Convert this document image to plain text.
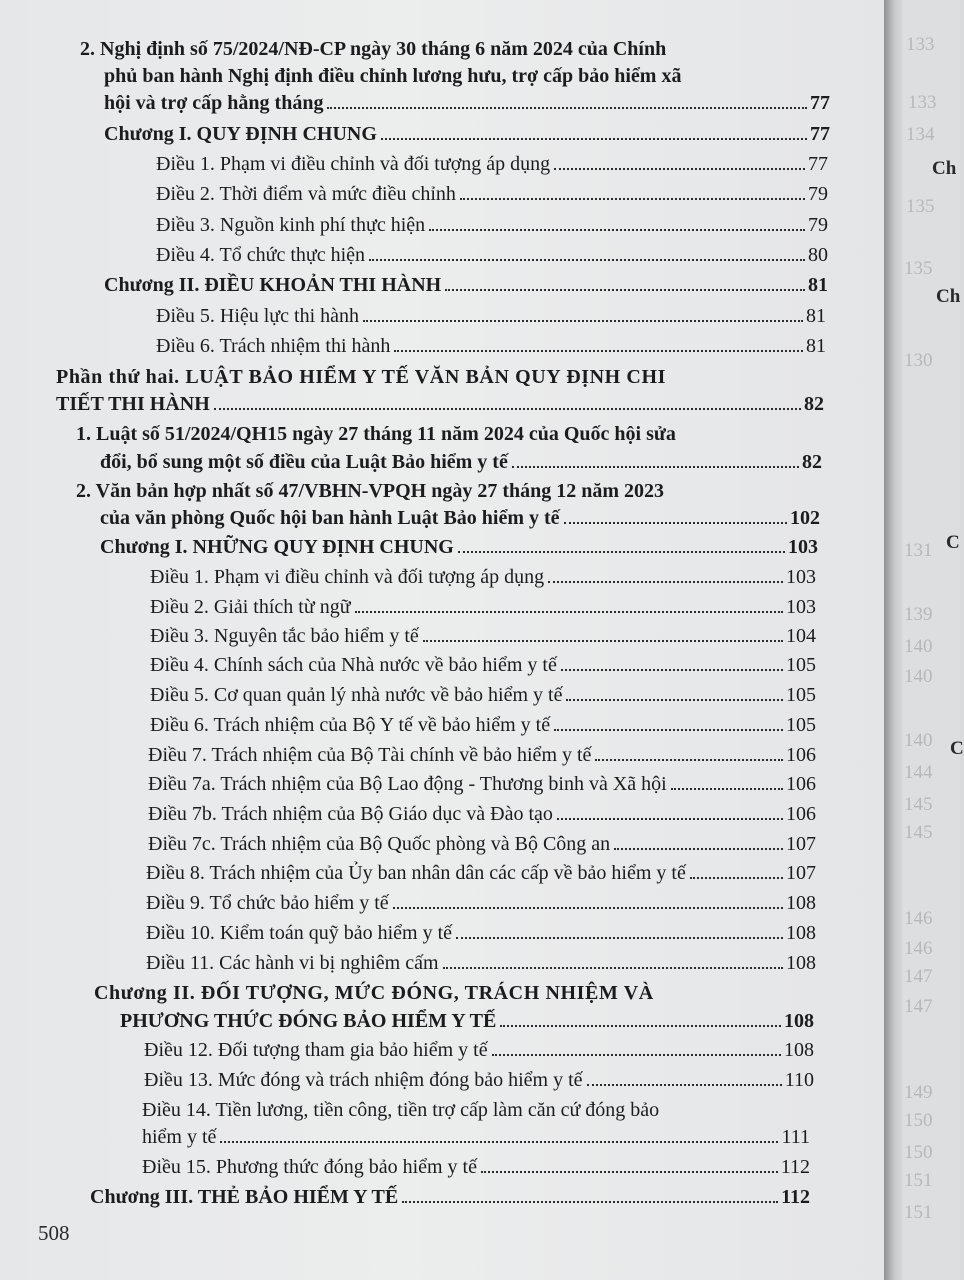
133
133
134
Ch
135
135
Ch
130
131 C
139
140
140
140 C
144
145
145
146
146
147
147
149
150
150
151
151
2. Nghị định số 75/2024/NĐ-CP ngày 30 tháng 6 năm 2024 của Chính
phủ ban hành Nghị định điều chỉnh lương hưu, trợ cấp bảo hiểm xã
hội và trợ cấp hằng tháng	77
Chương I. QUY ĐỊNH CHUNG	77
Điều 1. Phạm vi điều chỉnh và đối tượng áp dụng	77
Điều 2. Thời điểm và mức điều chỉnh	79
Điều 3. Nguồn kinh phí thực hiện	79
Điều 4. Tổ chức thực hiện	80
Chương II. ĐIỀU KHOẢN THI HÀNH	81
Điều 5. Hiệu lực thi hành	81
Điều 6. Trách nhiệm thi hành	81
Phần thứ hai. LUẬT BẢO HIỂM Y TẾ VĂN BẢN QUY ĐỊNH CHI
TIẾT THI HÀNH	82
1. Luật số 51/2024/QH15 ngày 27 tháng 11 năm 2024 của Quốc hội sửa
đổi, bổ sung một số điều của Luật Bảo hiểm y tế	82
2. Văn bản hợp nhất số 47/VBHN-VPQH ngày 27 tháng 12 năm 2023
của văn phòng Quốc hội ban hành Luật Bảo hiểm y tế	102
Chương I. NHỮNG QUY ĐỊNH CHUNG	103
Điều 1. Phạm vi điều chỉnh và đối tượng áp dụng	103
Điều 2. Giải thích từ ngữ	103
Điều 3. Nguyên tắc bảo hiểm y tế	104
Điều 4. Chính sách của Nhà nước về bảo hiểm y tế	105
Điều 5. Cơ quan quản lý nhà nước về bảo hiểm y tế	105
Điều 6. Trách nhiệm của Bộ Y tế về bảo hiểm y tế	105
Điều 7. Trách nhiệm của Bộ Tài chính về bảo hiểm y tế	106
Điều 7a. Trách nhiệm của Bộ Lao động - Thương binh và Xã hội	106
Điều 7b. Trách nhiệm của Bộ Giáo dục và Đào tạo	106
Điều 7c. Trách nhiệm của Bộ Quốc phòng và Bộ Công an	107
Điều 8. Trách nhiệm của Ủy ban nhân dân các cấp về bảo hiểm y tế	107
Điều 9. Tổ chức bảo hiểm y tế	108
Điều 10. Kiểm toán quỹ bảo hiểm y tế	108
Điều 11. Các hành vi bị nghiêm cấm	108
Chương II. ĐỐI TƯỢNG, MỨC ĐÓNG, TRÁCH NHIỆM VÀ
PHƯƠNG THỨC ĐÓNG BẢO HIỂM Y TẾ	108
Điều 12. Đối tượng tham gia bảo hiểm y tế	108
Điều 13. Mức đóng và trách nhiệm đóng bảo hiểm y tế	110
Điều 14. Tiền lương, tiền công, tiền trợ cấp làm căn cứ đóng bảo
hiểm y tế	111
Điều 15. Phương thức đóng bảo hiểm y tế	112
Chương III. THẺ BẢO HIỂM Y TẾ	112
508
